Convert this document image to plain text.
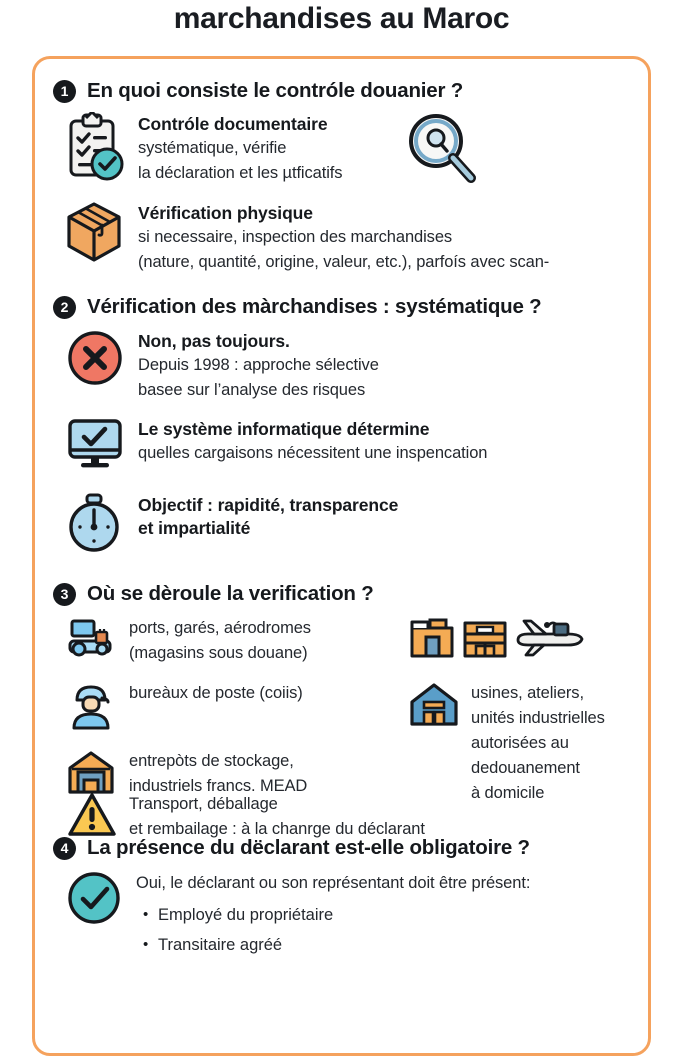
marchandises au Maroc
1 En quoi consiste le contróle douanier ?
Contróle documentaire
systématique, vérifie
la déclaration et les µtficatifs
Vérification physique
si necessaire, inspection des marchandises
(nature, quantité, origine, valeur, etc.), parfoís avec scan-
2 Vérification des màrchandises : systématique ?
Non, pas toujours.
Depuis 1998 : approche sélective
basee sur l’analyse des risques
Le système informatique détermine
quelles cargaisons nécessitent une inspencation
Objectif : rapidité, transparence
et impartialité
3 Où se dèroule la verification ?
ports, garés, aérodromes
(magasins sous douane)
bureàux de poste (coiis)
entrepòts de stockage,
industriels francs. MEAD
usines, ateliers,
unités industrielles
autorisées au
dedouanement
à domicile
Transport, déballage
et rembailage : à la chanrge du déclarant
4 La présence du dëclarant est-elle obligatoire ?
Oui, le déclarant ou son représentant doit être présent:
• Employé du propriétaire
• Transitaire agréé
